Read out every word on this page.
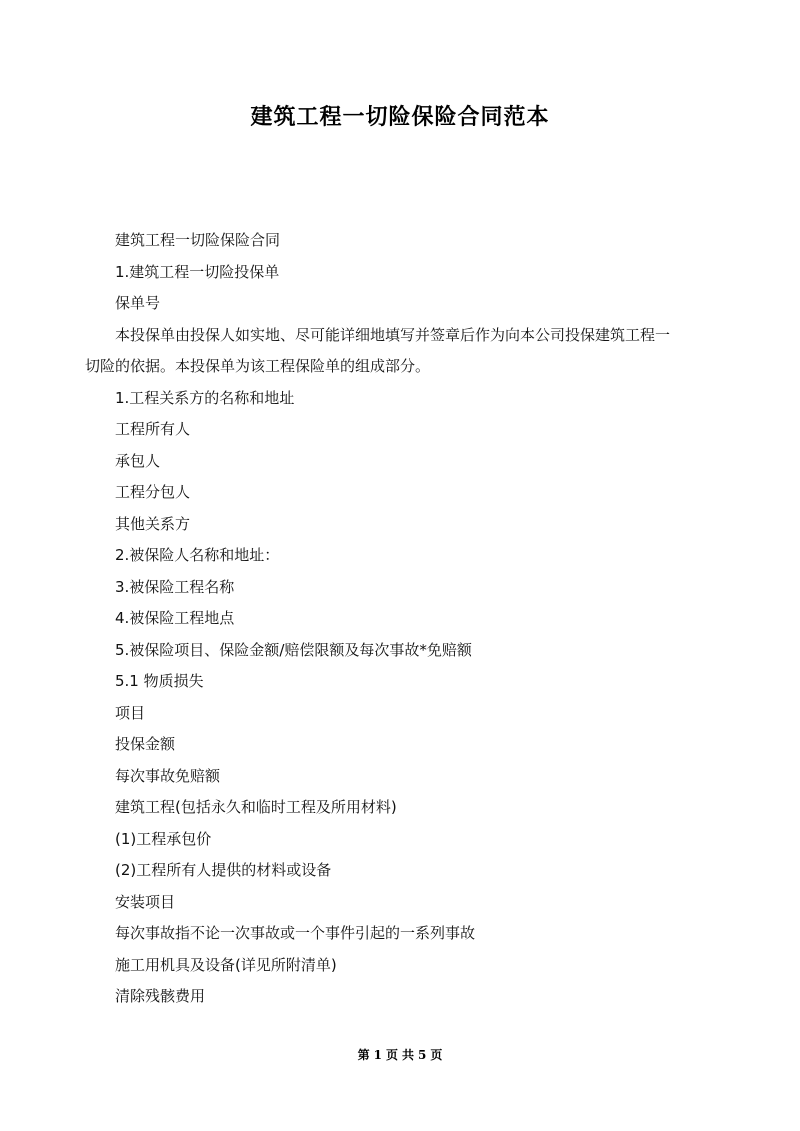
建筑工程一切险保险合同范本
建筑工程一切险保险合同
1.建筑工程一切险投保单
保单号
本投保单由投保人如实地、尽可能详细地填写并签章后作为向本公司投保建筑工程一
切险的依据。本投保单为该工程保险单的组成部分。
1.工程关系方的名称和地址
工程所有人
承包人
工程分包人
其他关系方
2.被保险人名称和地址：
3.被保险工程名称
4.被保险工程地点
5.被保险项目、保险金额/赔偿限额及每次事故*免赔额
5.1 物质损失
项目
投保金额
每次事故免赔额
建筑工程(包括永久和临时工程及所用材料)
(1)工程承包价
(2)工程所有人提供的材料或设备
安装项目
每次事故指不论一次事故或一个事件引起的一系列事故
施工用机具及设备(详见所附清单)
清除残骸费用
第 1 页 共 5 页
